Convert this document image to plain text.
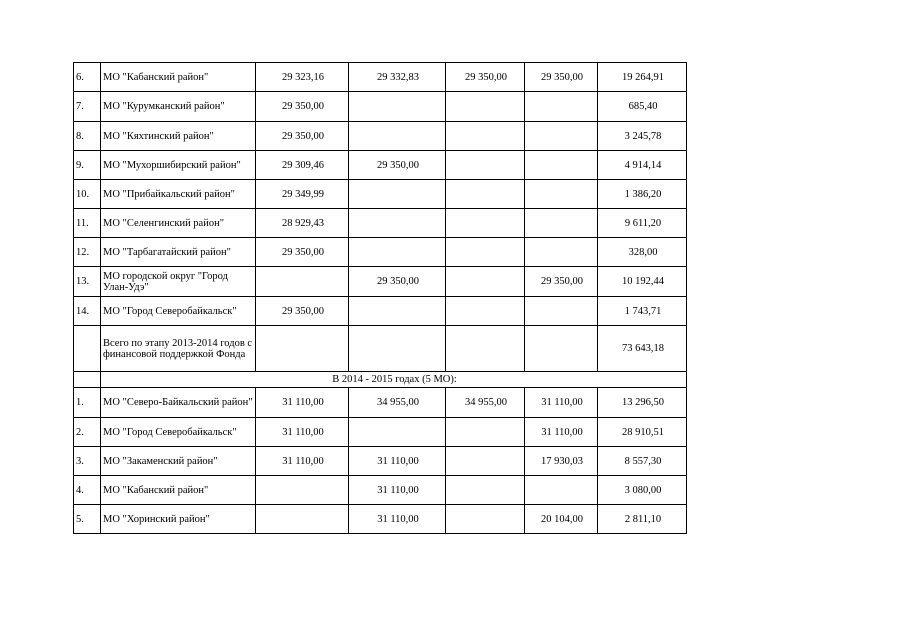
6.	МО "Кабанский район"	29 323,16	29 332,83	29 350,00	29 350,00	19 264,91
7.	МО "Курумканский район"	29 350,00				685,40
8.	МО "Кяхтинский район"	29 350,00				3 245,78
9.	МО "Мухоршибирский район"	29 309,46	29 350,00			4 914,14
10.	МО "Прибайкальский район"	29 349,99				1 386,20
11.	МО "Селенгинский район"	28 929,43				9 611,20
12.	МО "Тарбагатайский район"	29 350,00				328,00
13.	МО городской округ "Город Улан-Удэ"		29 350,00		29 350,00	10 192,44
14.	МО "Город Северобайкальск"	29 350,00				1 743,71
	Всего по этапу 2013-2014 годов с финансовой поддержкой Фонда					73 643,18
	В 2014 - 2015 годах (5 МО):					
1.	МО "Северо-Байкальский район"	31 110,00	34 955,00	34 955,00	31 110,00	13 296,50
2.	МО "Город Северобайкальск"	31 110,00			31 110,00	28 910,51
3.	МО "Закаменский район"	31 110,00	31 110,00		17 930,03	8 557,30
4.	МО "Кабанский район"		31 110,00			3 080,00
5.	МО "Хоринский район"		31 110,00		20 104,00	2 811,10
